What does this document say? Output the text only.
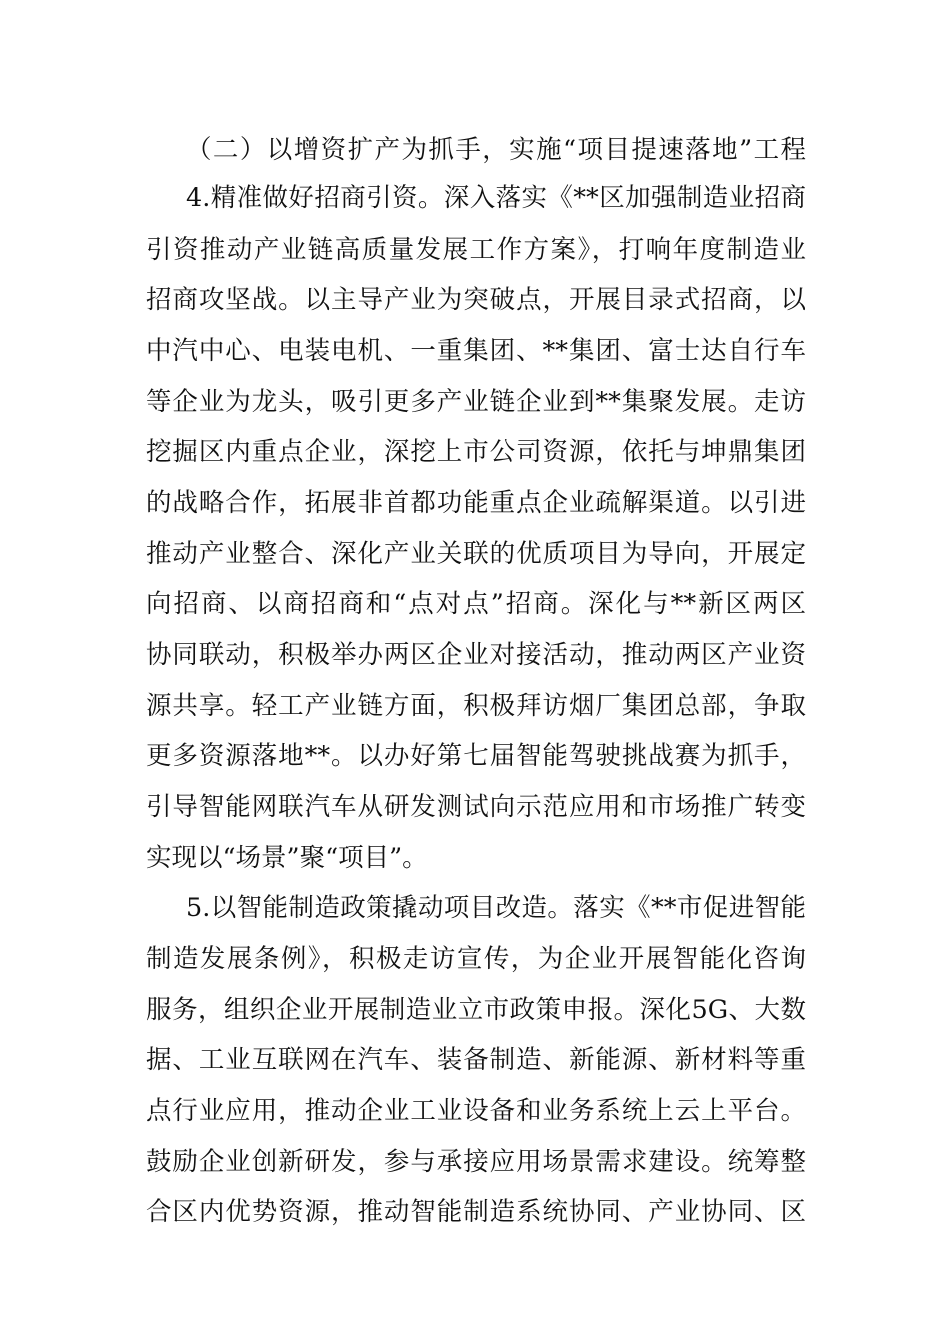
（二）以增资扩产为抓手，实施“项目提速落地”工程
4.精准做好招商引资。深入落实《**区加强制造业招商
引资推动产业链高质量发展工作方案》，打响年度制造业
招商攻坚战。以主导产业为突破点，开展目录式招商，以
中汽中心、电装电机、一重集团、**集团、富士达自行车
等企业为龙头，吸引更多产业链企业到**集聚发展。走访
挖掘区内重点企业，深挖上市公司资源，依托与坤鼎集团
的战略合作，拓展非首都功能重点企业疏解渠道。以引进
推动产业整合、深化产业关联的优质项目为导向，开展定
向招商、以商招商和“点对点”招商。深化与**新区两区
协同联动，积极举办两区企业对接活动，推动两区产业资
源共享。轻工产业链方面，积极拜访烟厂集团总部，争取
更多资源落地**。以办好第七届智能驾驶挑战赛为抓手，
引导智能网联汽车从研发测试向示范应用和市场推广转变
实现以“场景”聚“项目”。
5.以智能制造政策撬动项目改造。落实《**市促进智能
制造发展条例》，积极走访宣传，为企业开展智能化咨询
服务，组织企业开展制造业立市政策申报。深化5G、大数
据、工业互联网在汽车、装备制造、新能源、新材料等重
点行业应用，推动企业工业设备和业务系统上云上平台。
鼓励企业创新研发，参与承接应用场景需求建设。统筹整
合区内优势资源，推动智能制造系统协同、产业协同、区
